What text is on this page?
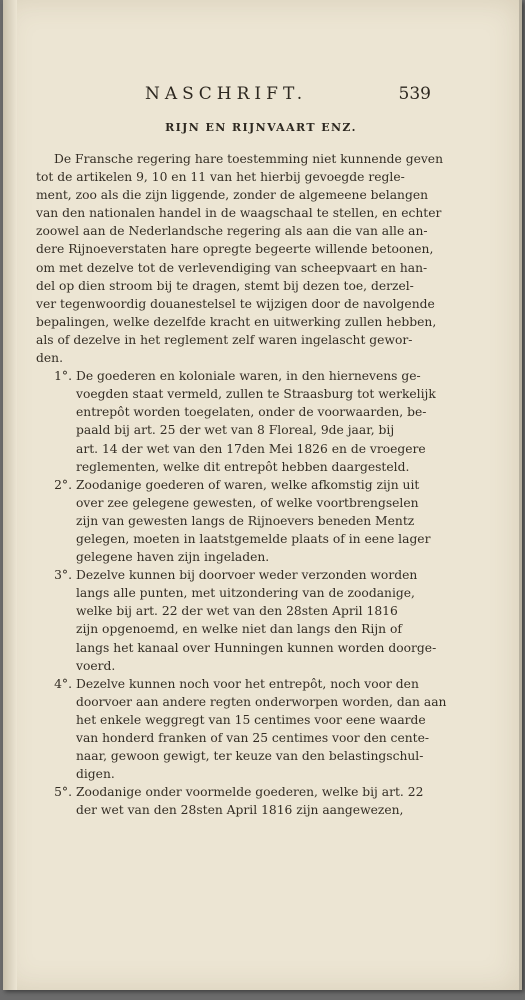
NASCHRIFT.	539
RIJN EN RIJNVAART ENZ.
De Fransche regering hare toestemming niet kunnende geven
tot de artikelen 9, 10 en 11 van het hierbij gevoegde regle-
ment, zoo als die zijn liggende, zonder de algemeene belangen
van den nationalen handel in de waagschaal te stellen, en echter
zoowel aan de Nederlandsche regering als aan die van alle an-
dere Rijnoeverstaten hare opregte begeerte willende betoonen,
om met dezelve tot de verlevendiging van scheepvaart en han-
del op dien stroom bij te dragen, stemt bij dezen toe, derzel-
ver tegenwoordig douanestelsel te wijzigen door de navolgende
bepalingen, welke dezelfde kracht en uitwerking zullen hebben,
als of dezelve in het reglement zelf waren ingelascht gewor-
den.
1°. De goederen en koloniale waren, in den hiernevens ge-
voegden staat vermeld, zullen te Straasburg tot werkelijk
entrepôt worden toegelaten, onder de voorwaarden, be-
paald bij art. 25 der wet van 8 Floreal, 9de jaar, bij
art. 14 der wet van den 17den Mei 1826 en de vroegere
reglementen, welke dit entrepôt hebben daargesteld.
2°. Zoodanige goederen of waren, welke afkomstig zijn uit
over zee gelegene gewesten, of welke voortbrengselen
zijn van gewesten langs de Rijnoevers beneden Mentz
gelegen, moeten in laatstgemelde plaats of in eene lager
gelegene haven zijn ingeladen.
3°. Dezelve kunnen bij doorvoer weder verzonden worden
langs alle punten, met uitzondering van de zoodanige,
welke bij art. 22 der wet van den 28sten April 1816
zijn opgenoemd, en welke niet dan langs den Rijn of
langs het kanaal over Hunningen kunnen worden doorge-
voerd.
4°. Dezelve kunnen noch voor het entrepôt, noch voor den
doorvoer aan andere regten onderworpen worden, dan aan
het enkele weggregt van 15 centimes voor eene waarde
van honderd franken of van 25 centimes voor den cente-
naar, gewoon gewigt, ter keuze van den belastingschul-
digen.
5°. Zoodanige onder voormelde goederen, welke bij art. 22
der wet van den 28sten April 1816 zijn aangewezen,
